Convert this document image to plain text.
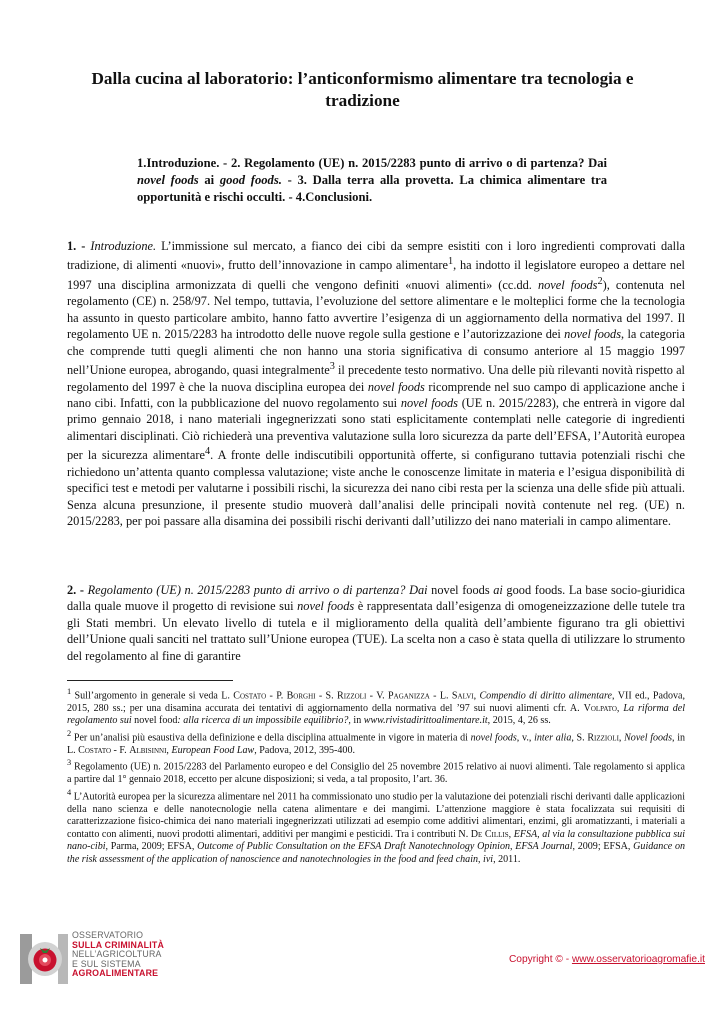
Dalla cucina al laboratorio: l’anticonformismo alimentare tra tecnologia e tradizione
1.Introduzione. - 2. Regolamento (UE) n. 2015/2283 punto di arrivo o di partenza? Dai novel foods ai good foods. - 3. Dalla terra alla provetta. La chimica alimentare tra opportunità e rischi occulti. - 4.Conclusioni.
1. - Introduzione. L’immissione sul mercato, a fianco dei cibi da sempre esistiti con i loro ingredienti comprovati dalla tradizione, di alimenti «nuovi», frutto dell’innovazione in campo alimentare$^1$, ha indotto il legislatore europeo a dettare nel 1997 una disciplina armonizzata di quelli che vengono definiti «nuovi alimenti» (cc.dd. novel foods$^2$), contenuta nel regolamento (CE) n. 258/97. Nel tempo, tuttavia, l’evoluzione del settore alimentare e le molteplici forme che la tecnologia ha assunto in questo particolare ambito, hanno fatto avvertire l’esigenza di un aggiornamento della normativa del 1997. Il regolamento UE n. 2015/2283 ha introdotto delle nuove regole sulla gestione e l’autorizzazione dei novel foods, la categoria che comprende tutti quegli alimenti che non hanno una storia significativa di consumo anteriore al 15 maggio 1997 nell’Unione europea, abrogando, quasi integralmente$^3$ il precedente testo normativo. Una delle più rilevanti novità rispetto al regolamento del 1997 è che la nuova disciplina europea dei novel foods ricomprende nel suo campo di applicazione anche i nano cibi. Infatti, con la pubblicazione del nuovo regolamento sui novel foods (UE n. 2015/2283), che entrerà in vigore dal primo gennaio 2018, i nano materiali ingegnerizzati sono stati esplicitamente contemplati nelle categorie di ingredienti alimentari disciplinati. Ciò richiederà una preventiva valutazione sulla loro sicurezza da parte dell’EFSA, l’Autorità europea per la sicurezza alimentare$^4$. A fronte delle indiscutibili opportunità offerte, si configurano tuttavia potenziali rischi che richiedono un’attenta quanto complessa valutazione; viste anche le conoscenze limitate in materia e l’esigua disponibilità di specifici test e metodi per valutarne i possibili rischi, la sicurezza dei nano cibi resta per la scienza una delle sfide più attuali. Senza alcuna presunzione, il presente studio muoverà dall’analisi delle principali novità contenute nel reg. (UE) n. 2015/2283, per poi passare alla disamina dei possibili rischi derivanti dall’utilizzo dei nano materiali in campo alimentare.
2. - Regolamento (UE) n. 2015/2283 punto di arrivo o di partenza? Dai novel foods ai good foods. La base socio-giuridica dalla quale muove il progetto di revisione sui novel foods è rappresentata dall’esigenza di omogeneizzazione delle tutele tra gli Stati membri. Un elevato livello di tutela e il miglioramento della qualità dell’ambiente figurano tra gli obiettivi dell’Unione quali sanciti nel trattato sull’Unione europea (TUE). La scelta non a caso è stata quella di utilizzare lo strumento del regolamento al fine di garantire

$^1$ Sull’argomento in generale si veda L. Costato - P. Borghi - S. Rizzoli - V. Paganizza - L. Salvi, Compendio di diritto alimentare, VII ed., Padova, 2015, 280 ss.; per una disamina accurata dei tentativi di aggiornamento della normativa del ’97 sui nuovi alimenti cfr. A. Volpato, La riforma del regolamento sui novel food: alla ricerca di un impossibile equilibrio?, in www.rivistadirittoalimentare.it, 2015, 4, 26 ss.

$^2$ Per un’analisi più esaustiva della definizione e della disciplina attualmente in vigore in materia di novel foods, v., inter alia, S. Rizzioli, Novel foods, in L. Costato - F. Albisinni, European Food Law, Padova, 2012, 395-400.

$^3$ Regolamento (UE) n. 2015/2283 del Parlamento europeo e del Consiglio del 25 novembre 2015 relativo ai nuovi alimenti. Tale regolamento si applica a partire dal 1° gennaio 2018, eccetto per alcune disposizioni; si veda, a tal proposito, l’art. 36.

$^4$ L’Autorità europea per la sicurezza alimentare nel 2011 ha commissionato uno studio per la valutazione dei potenziali rischi derivanti dalle applicazioni della nano scienza e delle nanotecnologie nella catena alimentare e dei mangimi. L’attenzione maggiore è stata focalizzata sui requisiti di caratterizzazione fisico-chimica dei nano materiali ingegnerizzati utilizzati ad esempio come additivi alimentari, enzimi, gli aromatizzanti, i materiali a contatto con alimenti, nuovi prodotti alimentari, additivi per mangimi e pesticidi. Tra i contributi N. De Cillis, EFSA, al via la consultazione pubblica sui nano-cibi, Parma, 2009; EFSA, Outcome of Public Consultation on the EFSA Draft Nanotechnology Opinion, EFSA Journal, 2009; EFSA, Guidance on the risk assessment of the application of nanoscience and nanotechnologies in the food and feed chain, ivi, 2011.

OSSERVATORIO
SULLA CRIMINALITÀ
NELL’AGRICOLTURA
E SUL SISTEMA
AGROALIMENTARE
Copyright © - www.osservatorioagromafie.it
